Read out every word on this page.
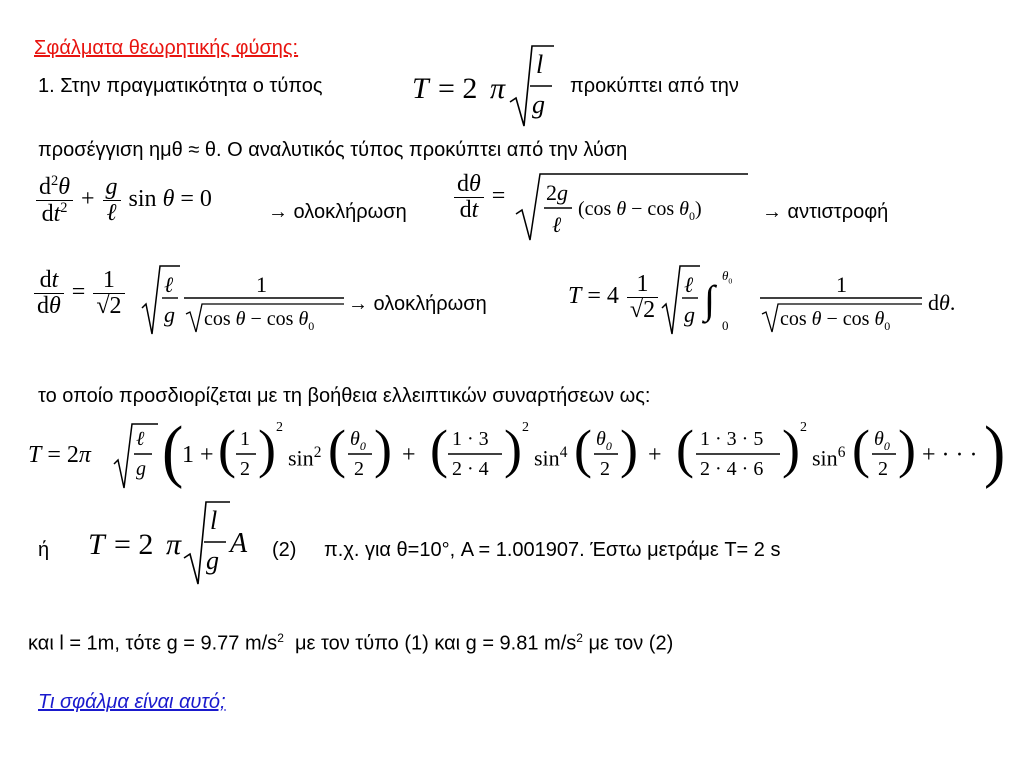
Σφάλματα θεωρητικής φύσης:
1. Στην πραγματικότητα ο τύπος	T = 2 π
l
g
προκύπτει από την
προσέγγιση ημθ ≈ θ. Ο αναλυτικός τύπος προκύπτει από την λύση
$\frac{d^2\theta}{dt^2} + \frac{g}{\text{ℓ}}$ sin θ = 0	→ ολοκλήρωση $\frac{d\theta}{dt} = 2g$
ℓ
(cos $\theta - \cos \theta_0$)	→ αντιστροφή
$\frac{dt}{d\theta} = \frac{1}{√2}$ ℓ
g
1
$\cos \theta - \cos \theta_0$
→ ολοκλήρωση	$T = 4 \frac{1}{√2}$ ℓ
g ∫
$\theta_0$
0
1
$\cos \theta - \cos \theta_0$
dθ.
το οποίο προσδιορίζεται με τη βοήθεια ελλειπτικών συναρτήσεων ως:
T = 2π
ℓ
g (
1 + ( 1
2 ) 2
$\sin^2$ ( $\theta_0$
2 ) + ( 1 · 3
2 · 4 ) 2
$\sin^4$ ( $\theta_0$
2 ) + ( 1 · 3 · 5
2 · 4 · 6 ) 2
$\sin^6$ ( $\theta_0$
2 ) + · · · )
ή T = 2 π
l
g
A (2) π.χ. για θ=10°, A = 1.001907. Έστω μετράμε T= 2 s
και l = 1m, τότε g = 9.77 $m/s^2$ με τον τύπο (1) και g = 9.81 $m/s^2$ με τον (2)
Τι σφάλμα είναι αυτό;
